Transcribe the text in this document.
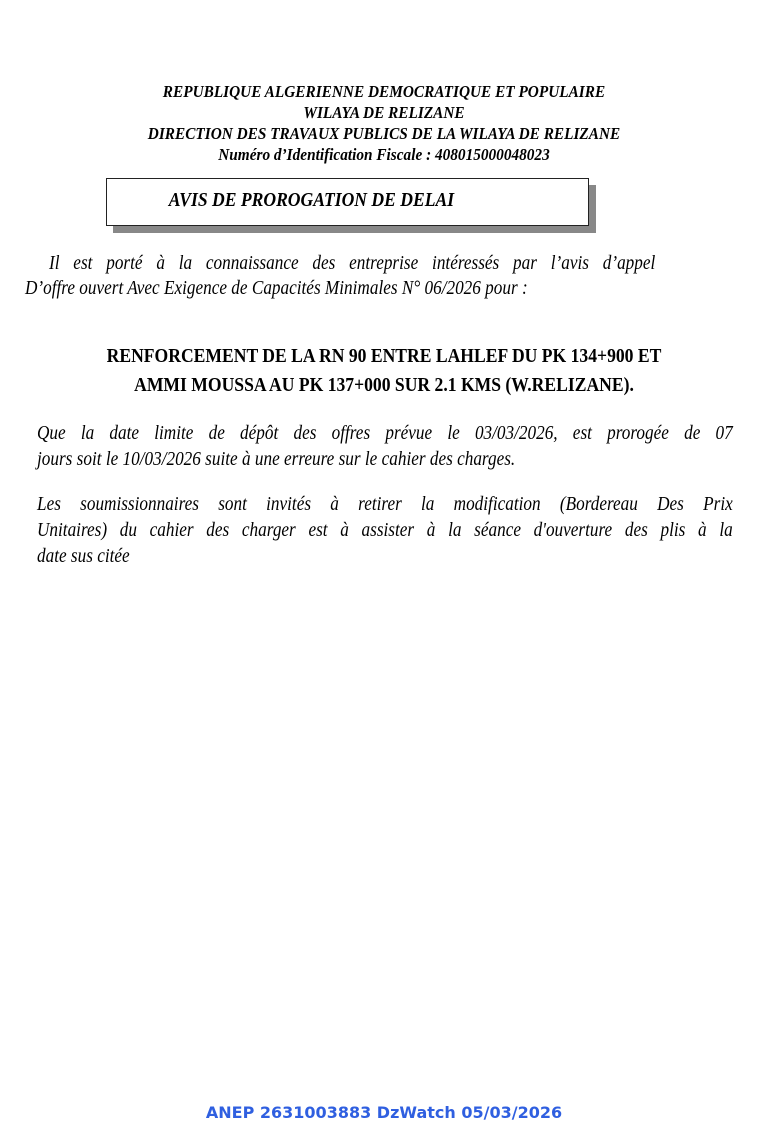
REPUBLIQUE ALGERIENNE DEMOCRATIQUE ET POPULAIRE
WILAYA DE RELIZANE
DIRECTION DES TRAVAUX PUBLICS DE LA WILAYA DE RELIZANE
Numéro d’Identification Fiscale : 408015000048023
AVIS DE PROROGATION DE DELAI
Il est porté à la connaissance des entreprise intéressés par l’avis d’appel
D’offre ouvert Avec Exigence de Capacités Minimales N° 06/2026 pour :
RENFORCEMENT DE LA RN 90 ENTRE LAHLEF DU PK 134+900 ET
AMMI MOUSSA AU PK 137+000 SUR 2.1 KMS (W.RELIZANE).
Que la date limite de dépôt des offres prévue le 03/03/2026, est prorogée de 07
jours soit le 10/03/2026 suite à une erreure sur le cahier des charges.
Les soumissionnaires sont invités à retirer la modification (Bordereau Des Prix
Unitaires) du cahier des charger est à assister à la séance d'ouverture des plis à la
date sus citée
ANEP 2631003883 DzWatch 05/03/2026
